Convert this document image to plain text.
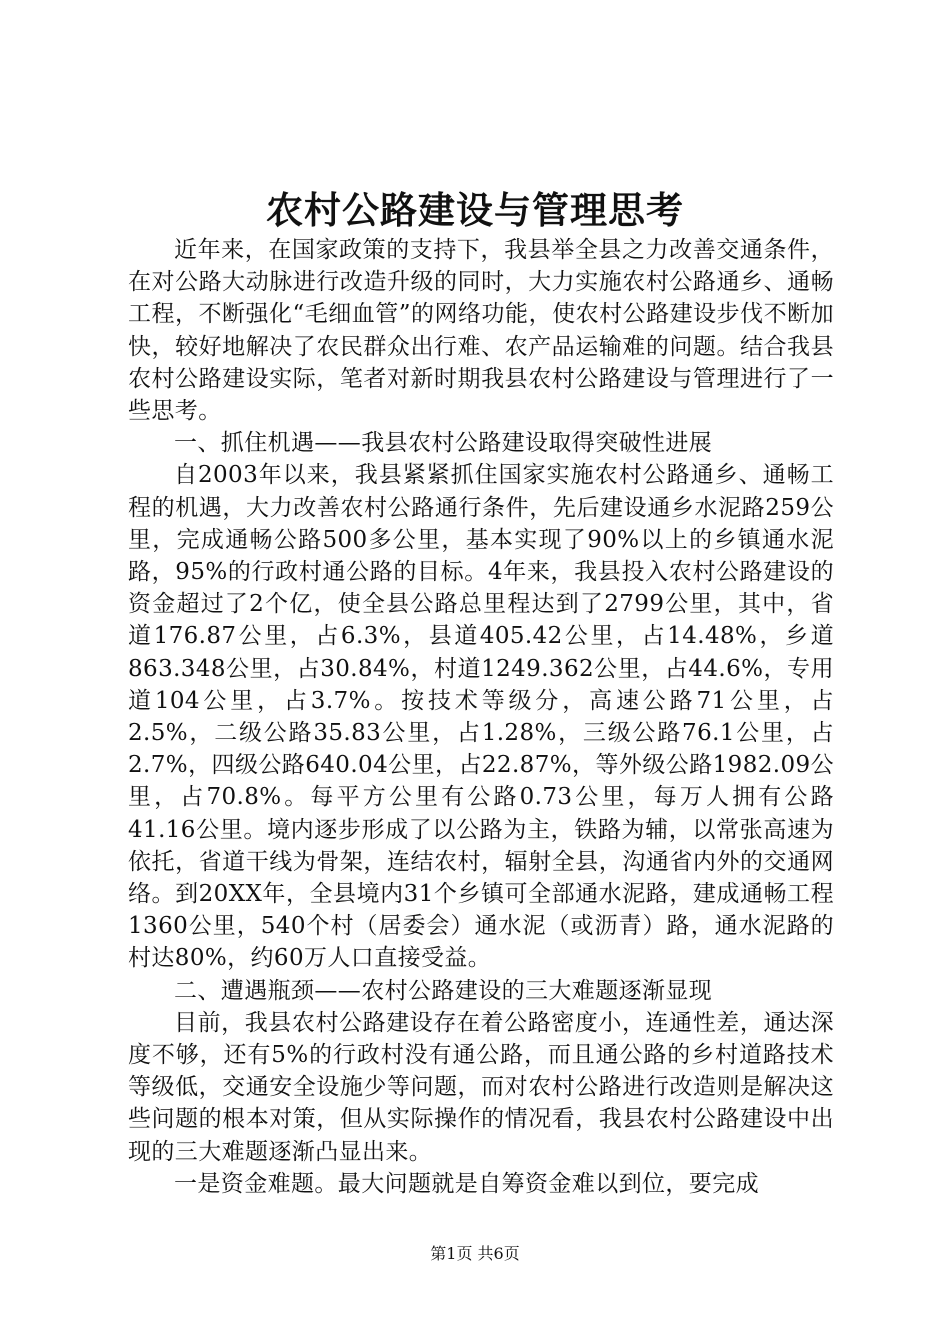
农村公路建设与管理思考

近年来，在国家政策的支持下，我县举全县之力改善交通条件，在对公路大动脉进行改造升级的同时，大力实施农村公路通乡、通畅工程，不断强化“毛细血管”的网络功能，使农村公路建设步伐不断加快，较好地解决了农民群众出行难、农产品运输难的问题。结合我县农村公路建设实际，笔者对新时期我县农村公路建设与管理进行了一些思考。

一、抓住机遇——我县农村公路建设取得突破性进展

自2003年以来，我县紧紧抓住国家实施农村公路通乡、通畅工程的机遇，大力改善农村公路通行条件，先后建设通乡水泥路259公里，完成通畅公路500多公里，基本实现了90%以上的乡镇通水泥路，95%的行政村通公路的目标。4年来，我县投入农村公路建设的资金超过了2个亿，使全县公路总里程达到了2799公里，其中，省道176.87公里，占6.3%，县道405.42公里，占14.48%，乡道863.348公里，占30.84%，村道1249.362公里，占44.6%，专用道104公里，占3.7%。按技术等级分，高速公路71公里，占2.5%，二级公路35.83公里，占1.28%，三级公路76.1公里，占2.7%，四级公路640.04公里，占22.87%，等外级公路1982.09公里，占70.8%。每平方公里有公路0.73公里，每万人拥有公路41.16公里。境内逐步形成了以公路为主，铁路为辅，以常张高速为依托，省道干线为骨架，连结农村，辐射全县，沟通省内外的交通网络。到20XX年，全县境内31个乡镇可全部通水泥路，建成通畅工程1360公里，540个村（居委会）通水泥（或沥青）路，通水泥路的村达80%，约60万人口直接受益。

二、遭遇瓶颈——农村公路建设的三大难题逐渐显现

目前，我县农村公路建设存在着公路密度小，连通性差，通达深度不够，还有5%的行政村没有通公路，而且通公路的乡村道路技术等级低，交通安全设施少等问题，而对农村公路进行改造则是解决这些问题的根本对策，但从实际操作的情况看，我县农村公路建设中出现的三大难题逐渐凸显出来。

一是资金难题。最大问题就是自筹资金难以到位，要完成

第1页 共6页
